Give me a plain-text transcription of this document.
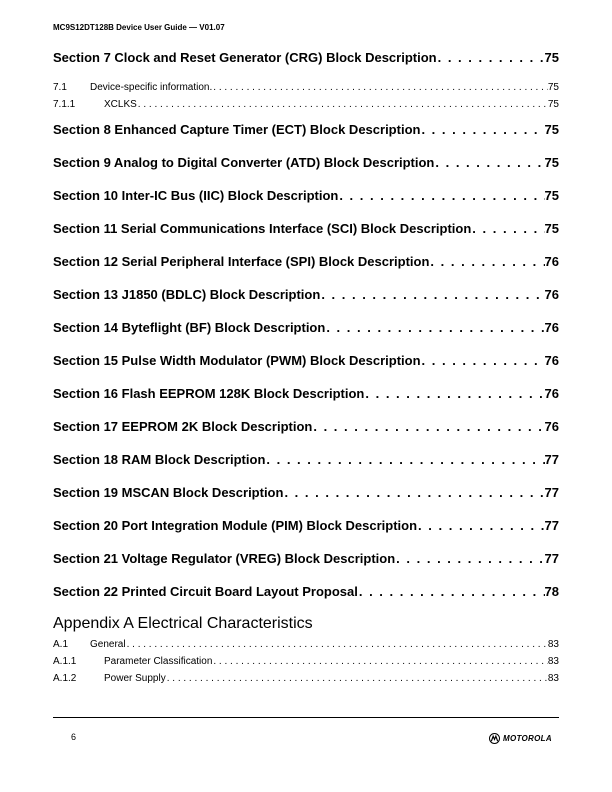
MC9S12DT128B Device User Guide — V01.07
Section 7 Clock and Reset Generator (CRG) Block Description . . .	75
7.1	Device-specific information. . . .	75
7.1.1	XCLKS . . .	75
Section 8 Enhanced Capture Timer (ECT) Block Description . . .	75
Section 9 Analog to Digital Converter (ATD) Block Description . . .	75
Section 10 Inter-IC Bus (IIC) Block Description . . .	75
Section 11 Serial Communications Interface (SCI) Block Description . . .	75
Section 12 Serial Peripheral Interface (SPI) Block Description . . .	76
Section 13 J1850 (BDLC) Block Description . . .	76
Section 14 Byteflight (BF) Block Description . . .	76
Section 15 Pulse Width Modulator (PWM) Block Description . . .	76
Section 16 Flash EEPROM 128K Block Description . . .	76
Section 17 EEPROM 2K Block Description . . .	76
Section 18 RAM Block Description . . .	77
Section 19 MSCAN Block Description . . .	77
Section 20 Port Integration Module (PIM) Block Description . . .	77
Section 21 Voltage Regulator (VREG) Block Description . . .	77
Section 22 Printed Circuit Board Layout Proposal . . .	78
Appendix A Electrical Characteristics
A.1	General . . .	83
A.1.1	Parameter Classification . . .	83
A.1.2	Power Supply . . .	83
6	MOTOROLA
